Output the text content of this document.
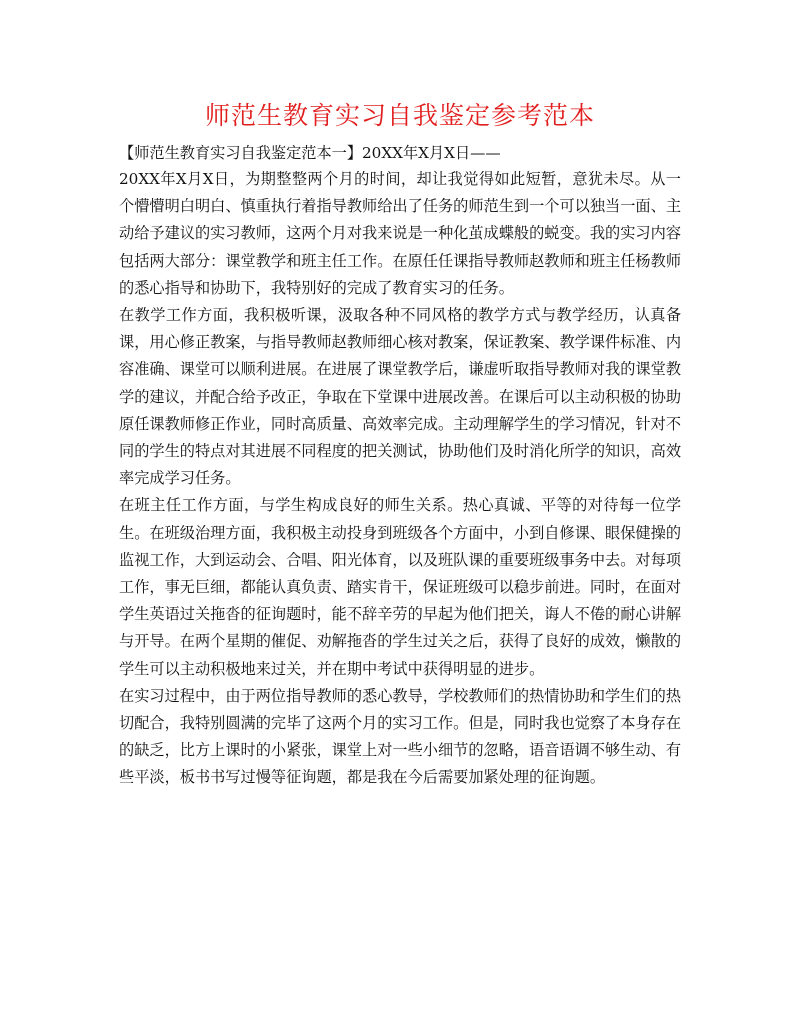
师范生教育实习自我鉴定参考范本

【师范生教育实习自我鉴定范本一】20XX年X月X日——

20XX年X月X日，为期整整两个月的时间，却让我觉得如此短暂，意犹未尽。从一个懵懵明白明白、慎重执行着指导教师给出了任务的师范生到一个可以独当一面、主动给予建议的实习教师，这两个月对我来说是一种化茧成蝶般的蜕变。我的实习内容包括两大部分：课堂教学和班主任工作。在原任任课指导教师赵教师和班主任杨教师的悉心指导和协助下，我特别好的完成了教育实习的任务。

在教学工作方面，我积极听课，汲取各种不同风格的教学方式与教学经历，认真备课，用心修正教案，与指导教师赵教师细心核对教案，保证教案、教学课件标准、内容准确、课堂可以顺利进展。在进展了课堂教学后，谦虚听取指导教师对我的课堂教学的建议，并配合给予改正，争取在下堂课中进展改善。在课后可以主动积极的协助原任课教师修正作业，同时高质量、高效率完成。主动理解学生的学习情况，针对不同的学生的特点对其进展不同程度的把关测试，协助他们及时消化所学的知识，高效率完成学习任务。

在班主任工作方面，与学生构成良好的师生关系。热心真诚、平等的对待每一位学生。在班级治理方面，我积极主动投身到班级各个方面中，小到自修课、眼保健操的监视工作，大到运动会、合唱、阳光体育，以及班队课的重要班级事务中去。对每项工作，事无巨细，都能认真负责、踏实肯干，保证班级可以稳步前进。同时，在面对学生英语过关拖沓的征询题时，能不辞辛劳的早起为他们把关，诲人不倦的耐心讲解与开导。在两个星期的催促、劝解拖沓的学生过关之后，获得了良好的成效，懒散的学生可以主动积极地来过关，并在期中考试中获得明显的进步。

在实习过程中，由于两位指导教师的悉心教导，学校教师们的热情协助和学生们的热切配合，我特别圆满的完毕了这两个月的实习工作。但是，同时我也觉察了本身存在的缺乏，比方上课时的小紧张，课堂上对一些小细节的忽略，语音语调不够生动、有些平淡，板书书写过慢等征询题，都是我在今后需要加紧处理的征询题。
